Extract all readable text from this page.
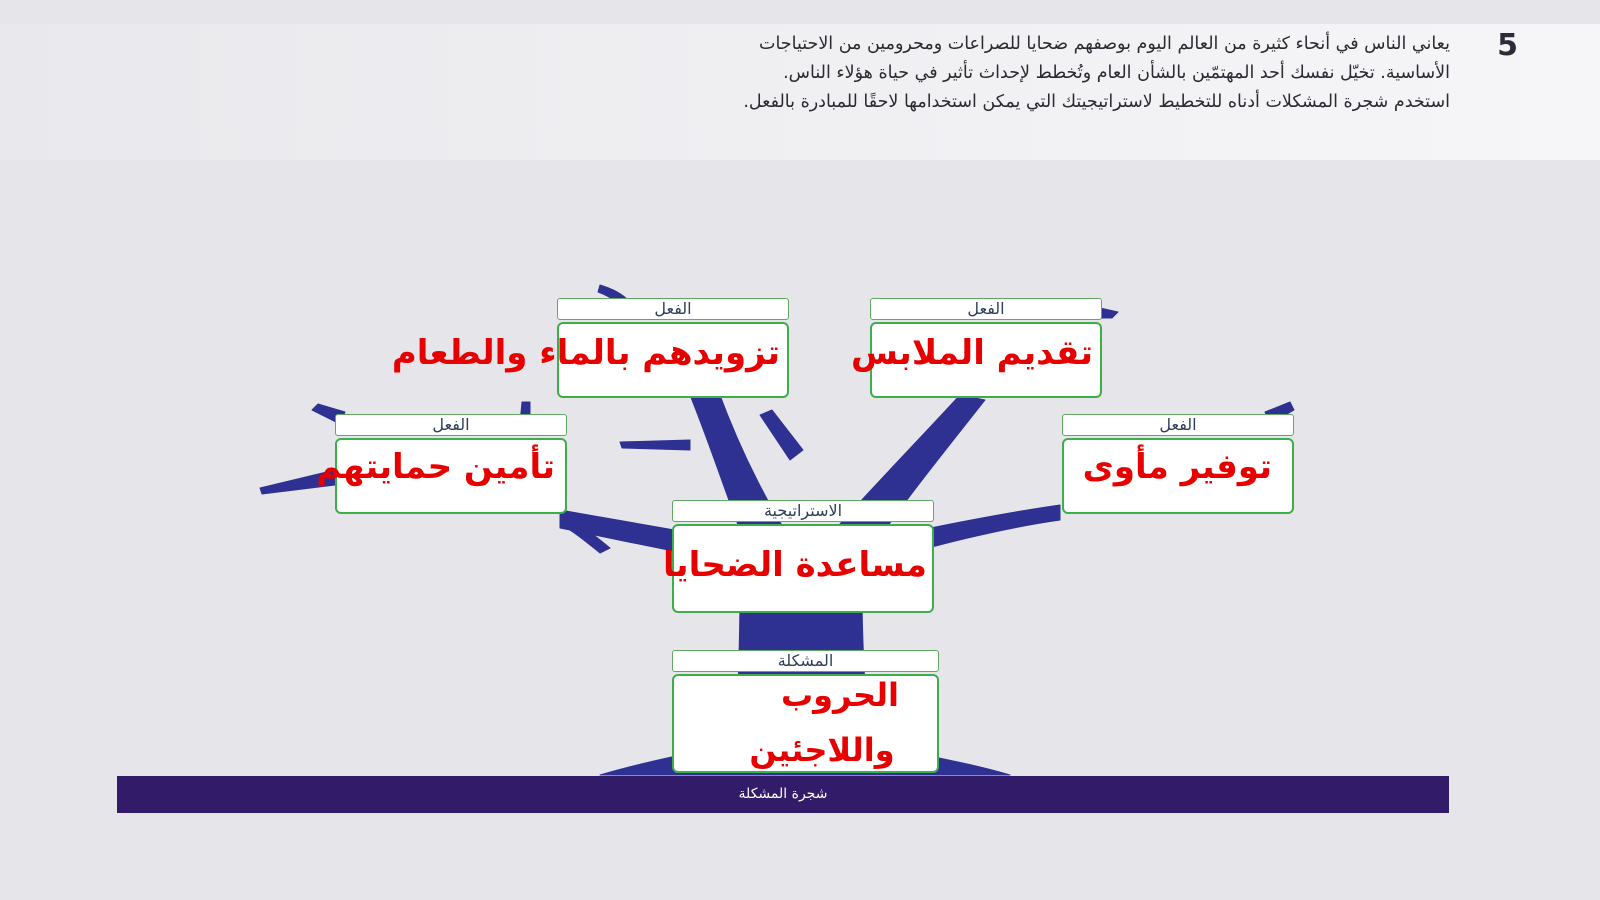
5
يعاني الناس في أنحاء كثيرة من العالم اليوم بوصفهم ضحايا للصراعات ومحرومين من الاحتياجات
الأساسية. تخيّل نفسك أحد المهتمّين بالشأن العام وتُخطط لإحداث تأثير في حياة هؤلاء الناس.
استخدم شجرة المشكلات أدناه للتخطيط لاستراتيجيتك التي يمكن استخدامها لاحقًا للمبادرة بالفعل.
الفعل
تزويدهم بالماء والطعام
الفعل
تقديم الملابس
الفعل
تأمين حمايتهم
الفعل
توفير مأوى
الاستراتيجية
مساعدة الضحايا
المشكلة
الحروب
واللاجئين
شجرة المشكلة
